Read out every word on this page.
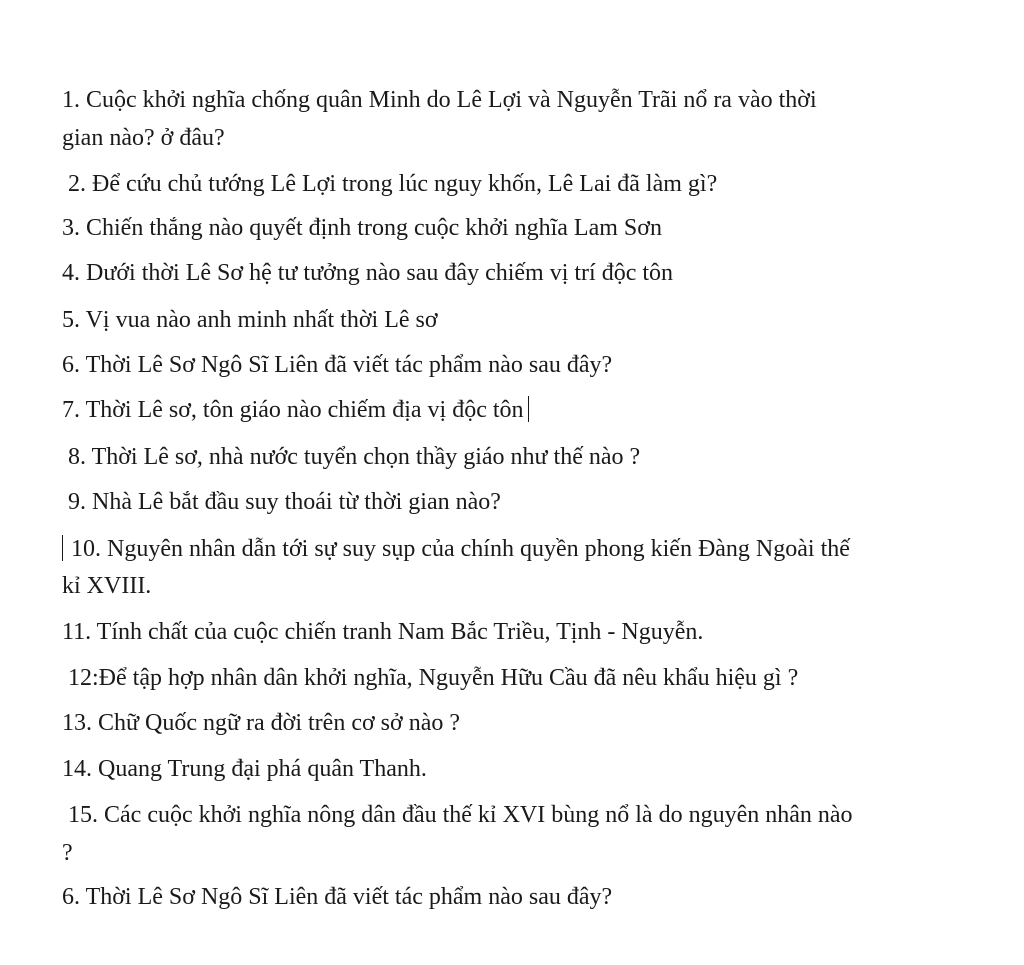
1. Cuộc khởi nghĩa chống quân Minh do Lê Lợi và Nguyễn Trãi nổ ra vào thời
gian nào? ở đâu?
2. Để cứu chủ tướng Lê Lợi trong lúc nguy khốn, Lê Lai đã làm gì?
3. Chiến thắng nào quyết định trong cuộc khởi nghĩa Lam Sơn
4. Dưới thời Lê Sơ hệ tư tưởng nào sau đây chiếm vị trí độc tôn
5. Vị vua nào anh minh nhất thời Lê sơ
6. Thời Lê Sơ Ngô Sĩ Liên đã viết tác phẩm nào sau đây?
7. Thời Lê sơ, tôn giáo nào chiếm địa vị độc tôn
8. Thời Lê sơ, nhà nước tuyển chọn thầy giáo như thế nào ?
9. Nhà Lê bắt đầu suy thoái từ thời gian nào?
10. Nguyên nhân dẫn tới sự suy sụp của chính quyền phong kiến Đàng Ngoài thế
kỉ XVIII.
11. Tính chất của cuộc chiến tranh Nam Bắc Triều, Tịnh - Nguyễn.
12:Để tập hợp nhân dân khởi nghĩa, Nguyễn Hữu Cầu đã nêu khẩu hiệu gì ?
13. Chữ Quốc ngữ ra đời trên cơ sở nào ?
14. Quang Trung đại phá quân Thanh.
15. Các cuộc khởi nghĩa nông dân đầu thế kỉ XVI bùng nổ là do nguyên nhân nào
?
6. Thời Lê Sơ Ngô Sĩ Liên đã viết tác phẩm nào sau đây?
